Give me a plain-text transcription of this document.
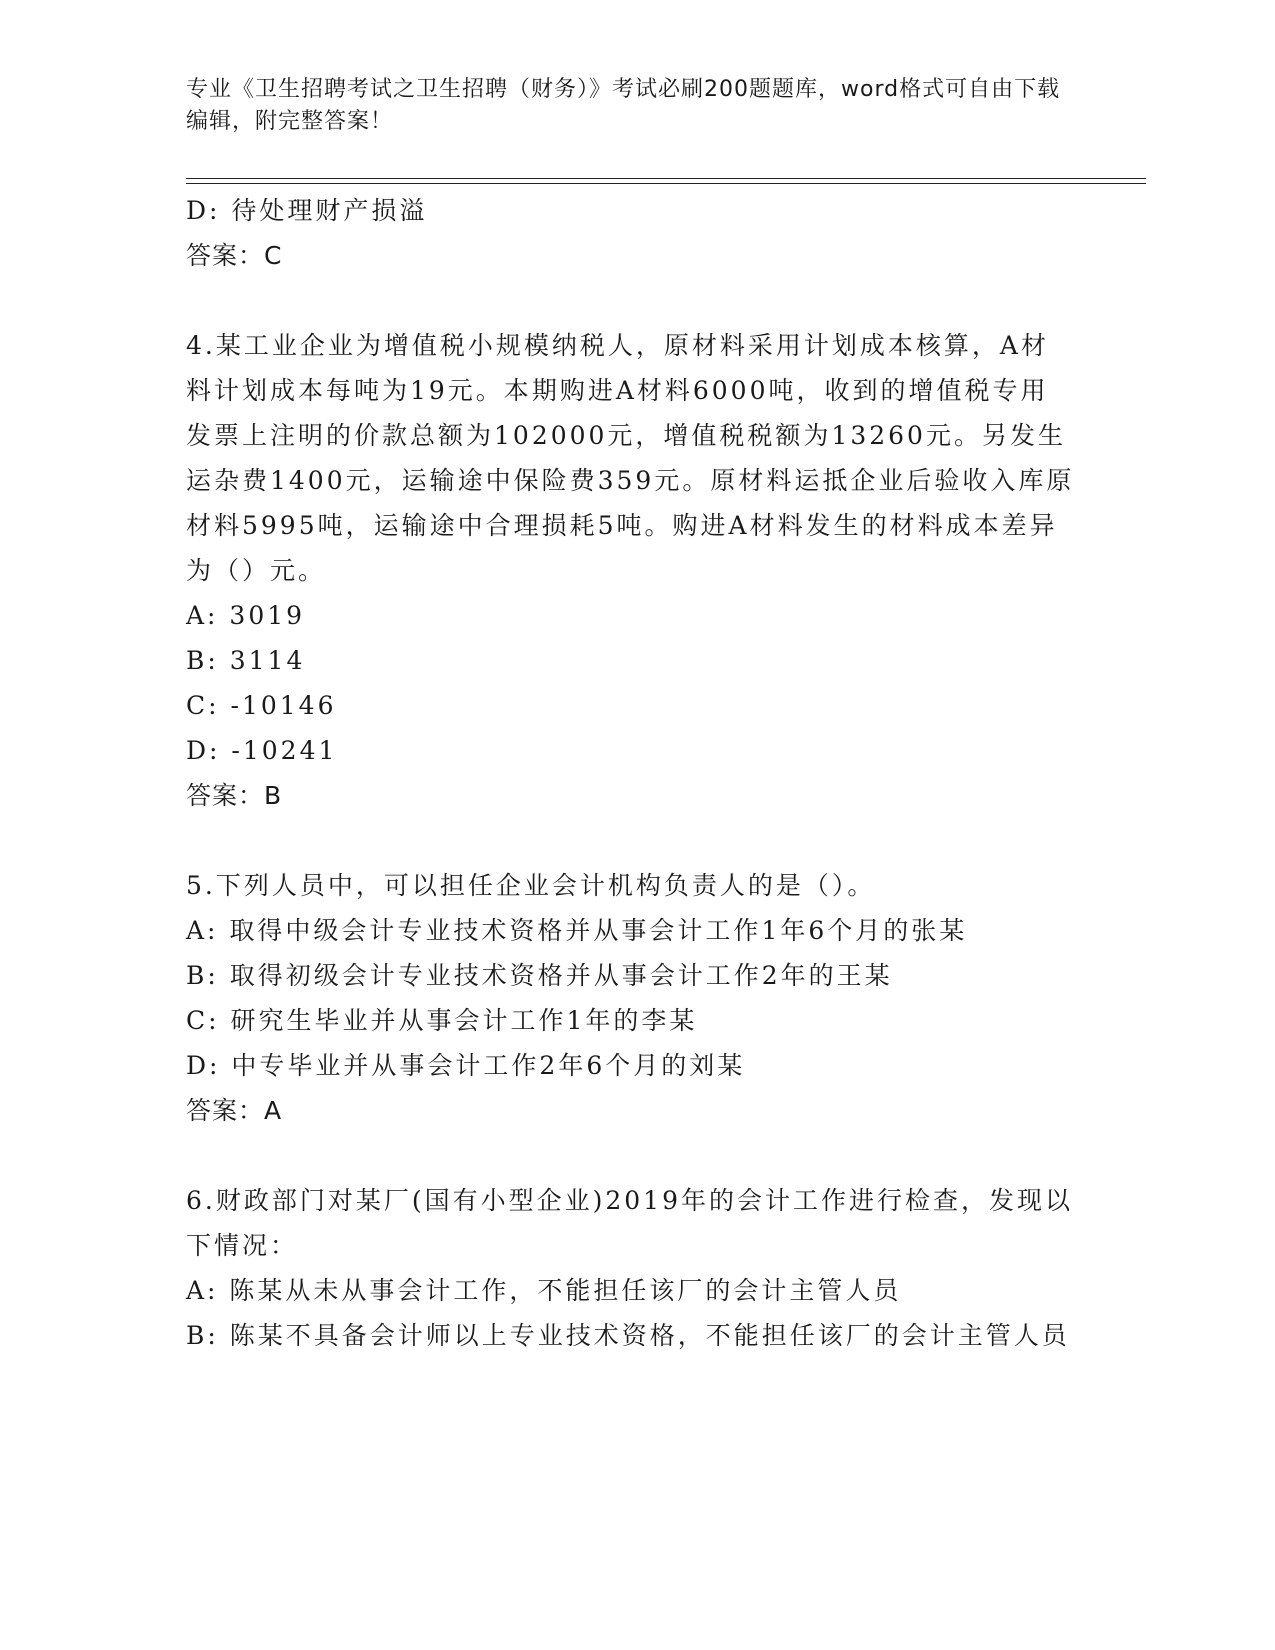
专业《卫生招聘考试之卫生招聘（财务）》考试必刷200题题库，word格式可自由下载编辑，附完整答案！
D: 待处理财产损溢
答案：C
4.某工业企业为增值税小规模纳税人，原材料采用计划成本核算，A材料计划成本每吨为19元。本期购进A材料6000吨，收到的增值税专用发票上注明的价款总额为102000元，增值税税额为13260元。另发生运杂费1400元，运输途中保险费359元。原材料运抵企业后验收入库原材料5995吨，运输途中合理损耗5吨。购进A材料发生的材料成本差异为（）元。
A: 3019
B: 3114
C: -10146
D: -10241
答案：B
5.下列人员中，可以担任企业会计机构负责人的是（）。
A: 取得中级会计专业技术资格并从事会计工作1年6个月的张某
B: 取得初级会计专业技术资格并从事会计工作2年的王某
C: 研究生毕业并从事会计工作1年的李某
D: 中专毕业并从事会计工作2年6个月的刘某
答案：A
6.财政部门对某厂(国有小型企业)2019年的会计工作进行检查，发现以下情况：
A: 陈某从未从事会计工作，不能担任该厂的会计主管人员
B: 陈某不具备会计师以上专业技术资格，不能担任该厂的会计主管人员
